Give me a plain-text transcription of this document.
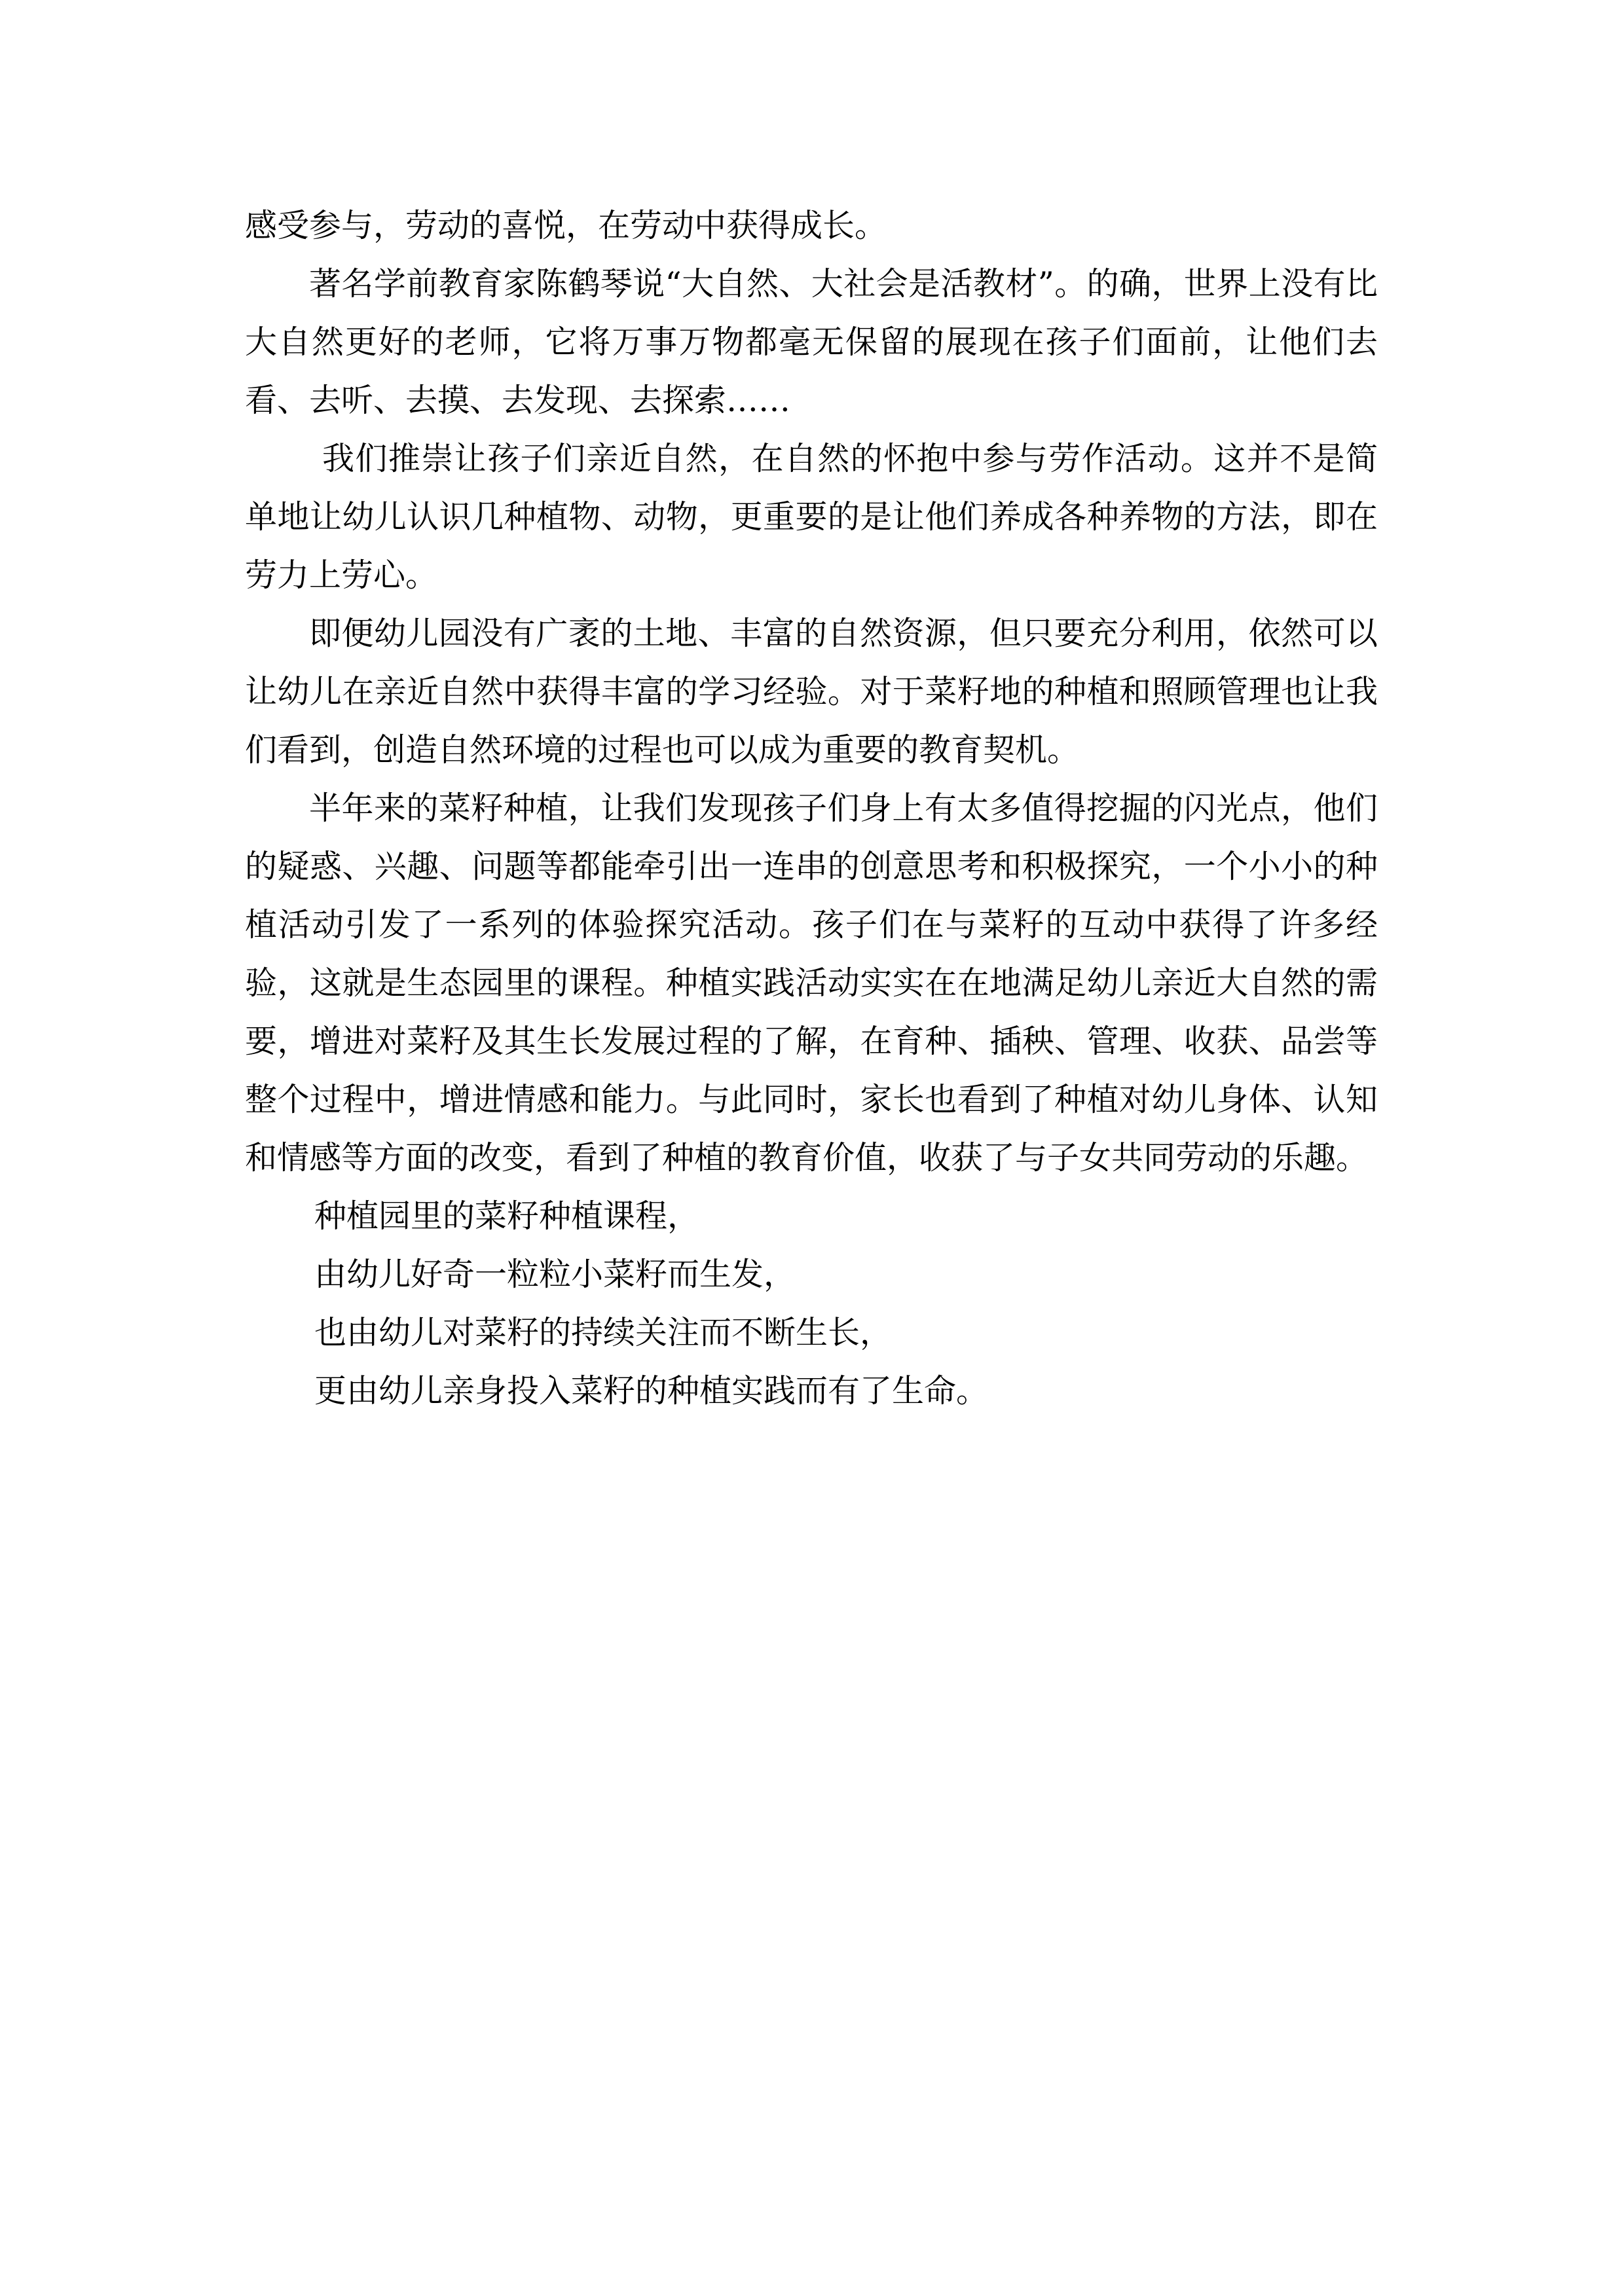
感受参与，劳动的喜悦，在劳动中获得成长。

著名学前教育家陈鹤琴说“大自然、大社会是活教材”。的确，世界上没有比大自然更好的老师，它将万事万物都毫无保留的展现在孩子们面前，让他们去看、去听、去摸、去发现、去探索……

我们推崇让孩子们亲近自然，在自然的怀抱中参与劳作活动。这并不是简单地让幼儿认识几种植物、动物，更重要的是让他们养成各种养物的方法，即在劳力上劳心。

即便幼儿园没有广袤的土地、丰富的自然资源，但只要充分利用，依然可以让幼儿在亲近自然中获得丰富的学习经验。对于菜籽地的种植和照顾管理也让我们看到，创造自然环境的过程也可以成为重要的教育契机。

半年来的菜籽种植，让我们发现孩子们身上有太多值得挖掘的闪光点，他们的疑惑、兴趣、问题等都能牵引出一连串的创意思考和积极探究，一个小小的种植活动引发了一系列的体验探究活动。孩子们在与菜籽的互动中获得了许多经验，这就是生态园里的课程。种植实践活动实实在在地满足幼儿亲近大自然的需要，增进对菜籽及其生长发展过程的了解，在育种、插秧、管理、收获、品尝等整个过程中，增进情感和能力。与此同时，家长也看到了种植对幼儿身体、认知和情感等方面的改变，看到了种植的教育价值，收获了与子女共同劳动的乐趣。

种植园里的菜籽种植课程，

由幼儿好奇一粒粒小菜籽而生发，

也由幼儿对菜籽的持续关注而不断生长，

更由幼儿亲身投入菜籽的种植实践而有了生命。
